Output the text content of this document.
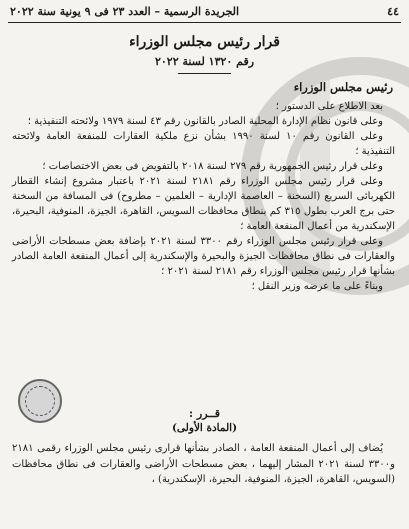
٤٤
الجريدة الرسمية – العدد ٢٣ فى ٩ يونية سنة ٢٠٢٢
قرار رئيس مجلس الوزراء
رقم ١٣٢٠ لسنة ٢٠٢٢
رئيس مجلس الوزراء

بعد الاطلاع على الدستور ؛

وعلى قانون نظام الإدارة المحلية الصادر بالقانون رقم ٤٣ لسنة ١٩٧٩ ولائحته التنفيذية ؛

وعلى القانون رقم ١٠ لسنة ١٩٩٠ بشأن نزع ملكية العقارات للمنفعة العامة ولائحته التنفيذية ؛

وعلى قرار رئيس الجمهورية رقم ٢٧٩ لسنة ٢٠١٨ بالتفويض فى بعض الاختصاصات ؛

وعلى قرار رئيس مجلس الوزراء رقم ٢١٨١ لسنة ٢٠٢١ باعتبار مشروع إنشاء القطار الكهربائى السريع (السخنة – العاصمة الإدارية – العلمين – مطروح) فى المسافة من السخنة حتى برج العرب بطول ٣١٥ كم بنطاق محافظات السويس، القاهرة، الجيزة، المنوفية، البحيرة، الإسكندرية من أعمال المنفعة العامة ؛

وعلى قرار رئيس مجلس الوزراء رقم ٣٣٠٠ لسنة ٢٠٢١ بإضافة بعض مسطحات الأراضى والعقارات فى نطاق محافظات الجيزة والبحيرة والإسكندرية إلى أعمال المنفعة العامة الصادر بشأنها قرار رئيس مجلس الوزراء رقم ٢١٨١ لسنة ٢٠٢١ ؛

وبناءً على ما عرضه وزير النقل ؛

قــرر :
(المادة الأولى)

يُضاف إلى أعمال المنفعة العامة ، الصادر بشأنها قرارى رئيس مجلس الوزراء رقمى ٢١٨١ و٣٣٠٠ لسنة ٢٠٢١ المشار إليهما ، بعض مسطحات الأراضى والعقارات فى نطاق محافظات (السويس، القاهرة، الجيزة، المنوفية، البحيرة، الإسكندرية) ،
